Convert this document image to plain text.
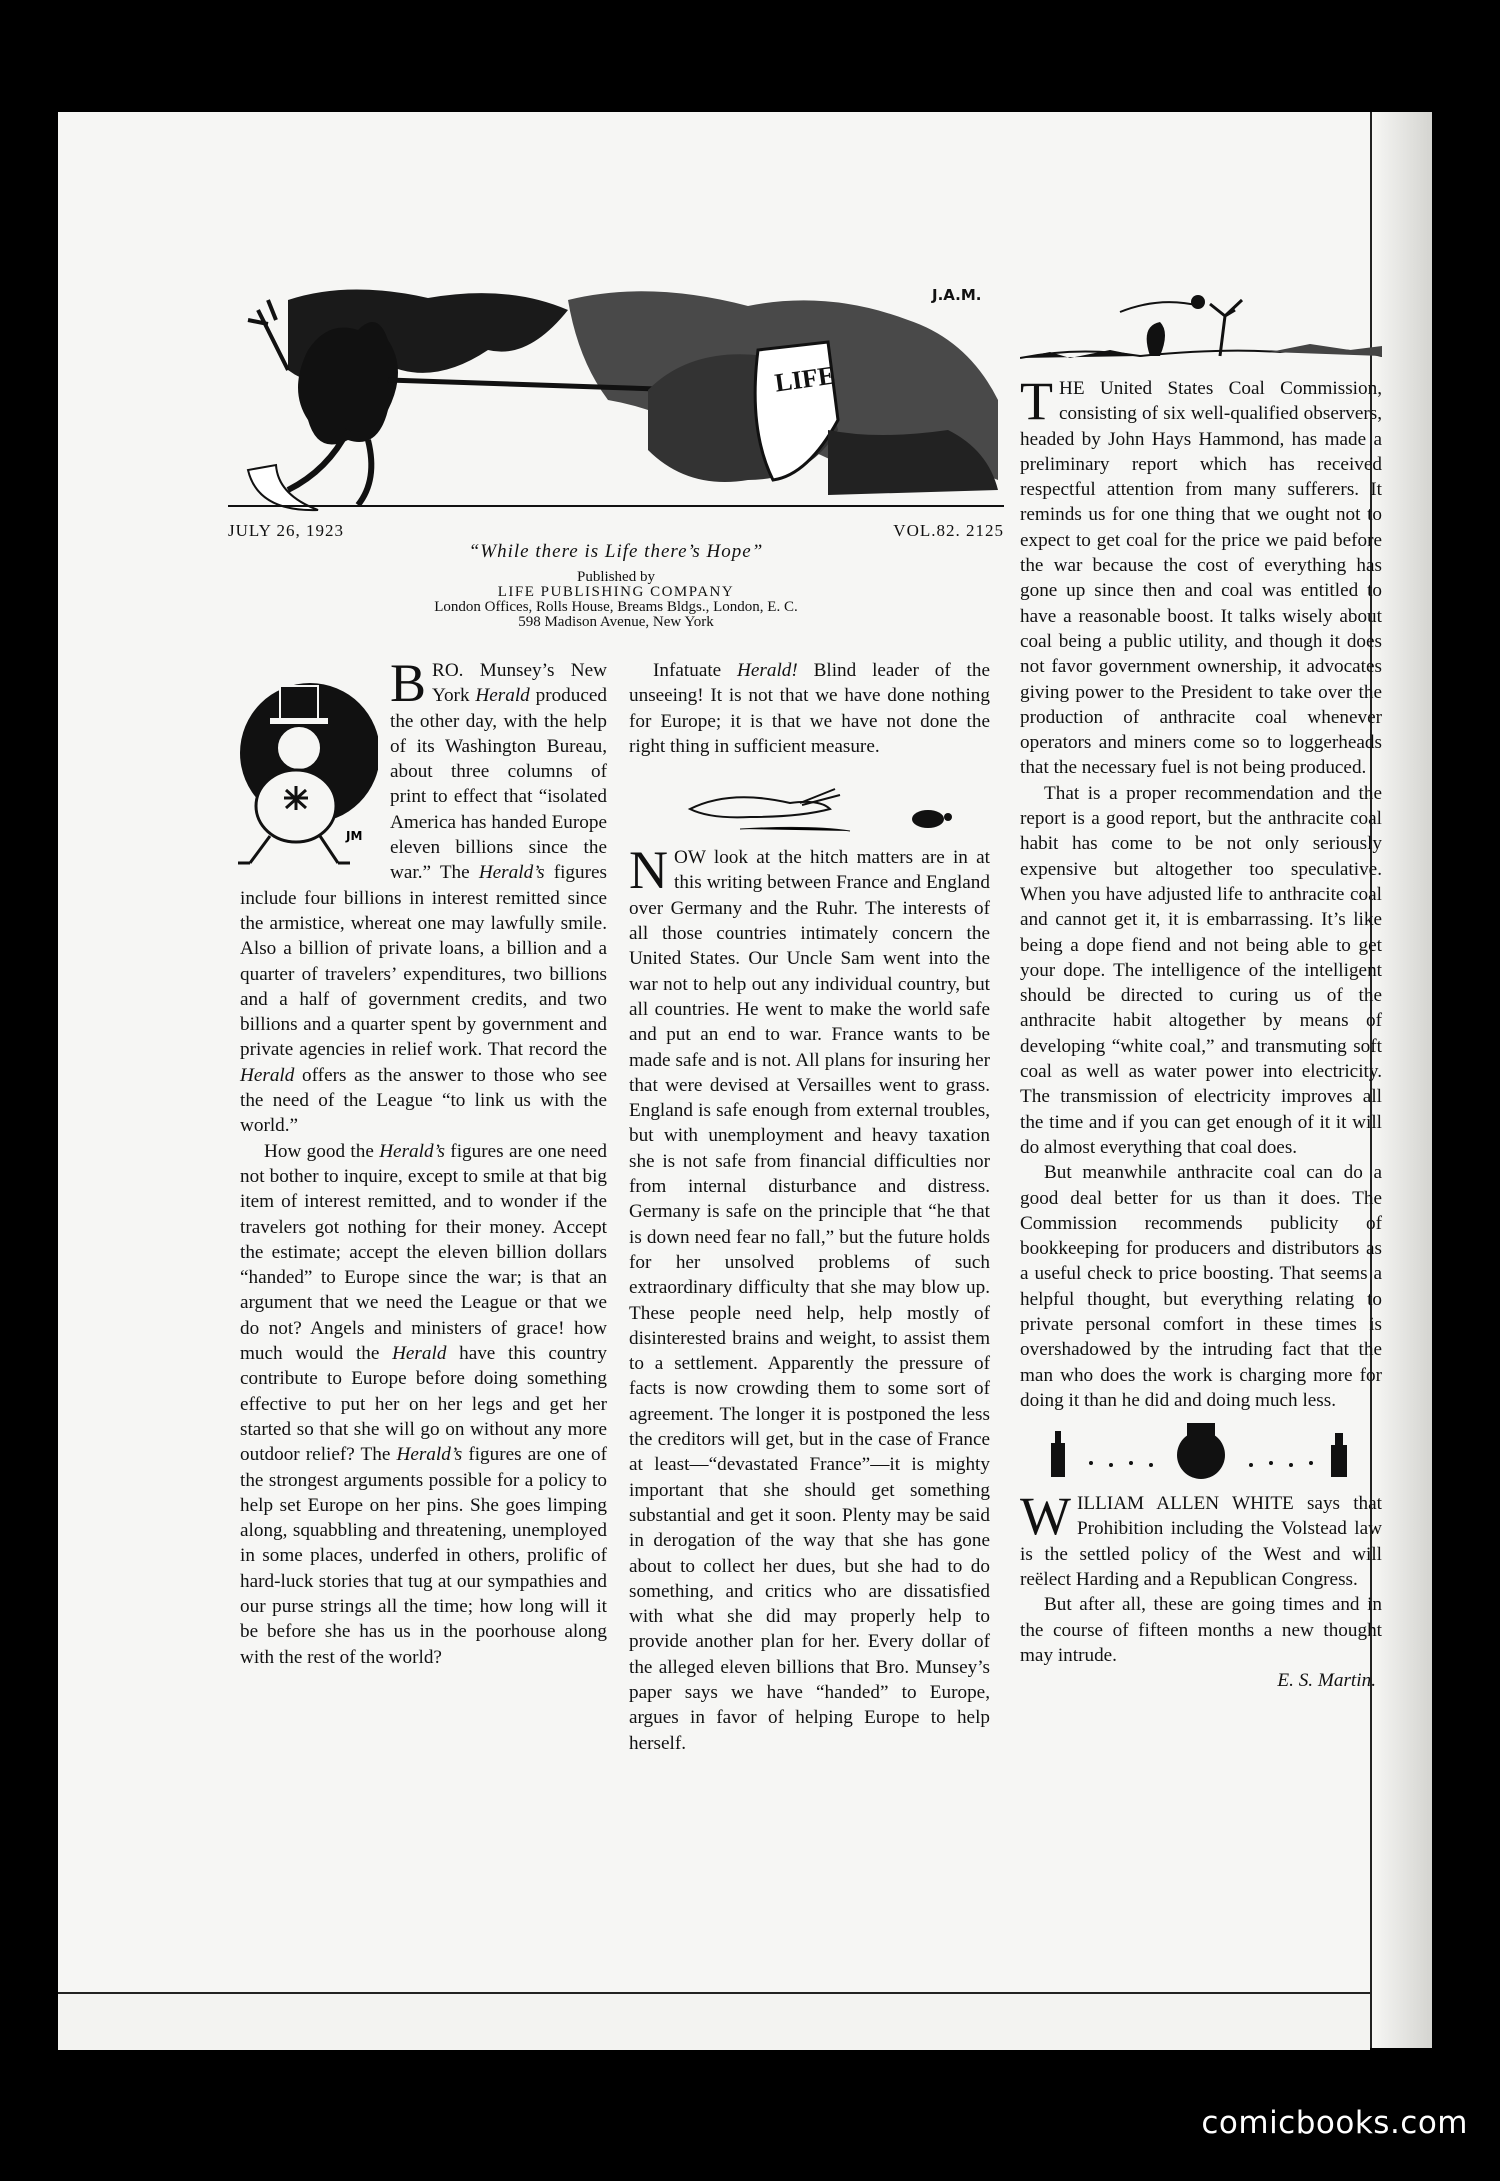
LIFE
J.A.M.
JULY 26, 1923	VOL.82. 2125
“While there is Life there’s Hope”
Published by
LIFE PUBLISHING COMPANY
London Offices, Rolls House, Breams Bldgs., London, E. C.
598 Madison Avenue, New York
JM

BRO. Munsey’s New York Herald produced the other day, with the help of its Washington Bureau, about three columns of print to effect that “isolated America has handed Europe eleven billions since the war.” The Herald’s figures include four billions in interest remitted since the armistice, whereat one may lawfully smile. Also a billion of private loans, a billion and a quarter of travelers’ expenditures, two billions and a half of government credits, and two billions and a quarter spent by government and private agencies in relief work. That record the Herald offers as the answer to those who see the need of the League “to link us with the world.”

How good the Herald’s figures are one need not bother to inquire, except to smile at that big item of interest remitted, and to wonder if the travelers got nothing for their money. Accept the estimate; accept the eleven billion dollars “handed” to Europe since the war; is that an argument that we need the League or that we do not? Angels and ministers of grace! how much would the Herald have this country contribute to Europe before doing something effective to put her on her legs and get her started so that she will go on without any more outdoor relief? The Herald’s figures are one of the strongest arguments possible for a policy to help set Europe on her pins. She goes limping along, squabbling and threatening, unemployed in some places, underfed in others, prolific of hard-luck stories that tug at our sympathies and our purse strings all the time; how long will it be before she has us in the poorhouse along with the rest of the world?

Infatuate Herald! Blind leader of the unseeing! It is not that we have done nothing for Europe; it is that we have not done the right thing in sufficient measure.

NOW look at the hitch matters are in at this writing between France and England over Germany and the Ruhr. The interests of all those countries intimately concern the United States. Our Uncle Sam went into the war not to help out any individual country, but all countries. He went to make the world safe and put an end to war. France wants to be made safe and is not. All plans for insuring her that were devised at Versailles went to grass. England is safe enough from external troubles, but with unemployment and heavy taxation she is not safe from financial difficulties nor from internal disturbance and distress. Germany is safe on the principle that “he that is down need fear no fall,” but the future holds for her unsolved problems of such extraordinary difficulty that she may blow up. These people need help, help mostly of disinterested brains and weight, to assist them to a settlement. Apparently the pressure of facts is now crowding them to some sort of agreement. The longer it is postponed the less the creditors will get, but in the case of France at least—“devastated France”—it is mighty important that she should get something substantial and get it soon. Plenty may be said in derogation of the way that she has gone about to collect her dues, but she had to do something, and critics who are dissatisfied with what she did may properly help to provide another plan for her. Every dollar of the alleged eleven billions that Bro. Munsey’s paper says we have “handed” to Europe, argues in favor of helping Europe to help herself.

THE United States Coal Commission, consisting of six well-qualified observers, headed by John Hays Hammond, has made a preliminary report which has received respectful attention from many sufferers. It reminds us for one thing that we ought not to expect to get coal for the price we paid before the war because the cost of everything has gone up since then and coal was entitled to have a reasonable boost. It talks wisely about coal being a public utility, and though it does not favor government ownership, it advocates giving power to the President to take over the production of anthracite coal whenever operators and miners come so to loggerheads that the necessary fuel is not being produced.

That is a proper recommendation and the report is a good report, but the anthracite coal habit has come to be not only seriously expensive but altogether too speculative. When you have adjusted life to anthracite coal and cannot get it, it is embarrassing. It’s like being a dope fiend and not being able to get your dope. The intelligence of the intelligent should be directed to curing us of the anthracite habit altogether by means of developing “white coal,” and transmuting soft coal as well as water power into electricity. The transmission of electricity improves all the time and if you can get enough of it it will do almost everything that coal does.

But meanwhile anthracite coal can do a good deal better for us than it does. The Commission recommends publicity of bookkeeping for producers and distributors as a useful check to price boosting. That seems a helpful thought, but everything relating to private personal comfort in these times is overshadowed by the intruding fact that the man who does the work is charging more for doing it than he did and doing much less.

WILLIAM ALLEN WHITE says that Prohibition including the Volstead law is the settled policy of the West and will reëlect Harding and a Republican Congress.

But after all, these are going times and in the course of fifteen months a new thought may intrude.

E. S. Martin.

comicbooks.com
